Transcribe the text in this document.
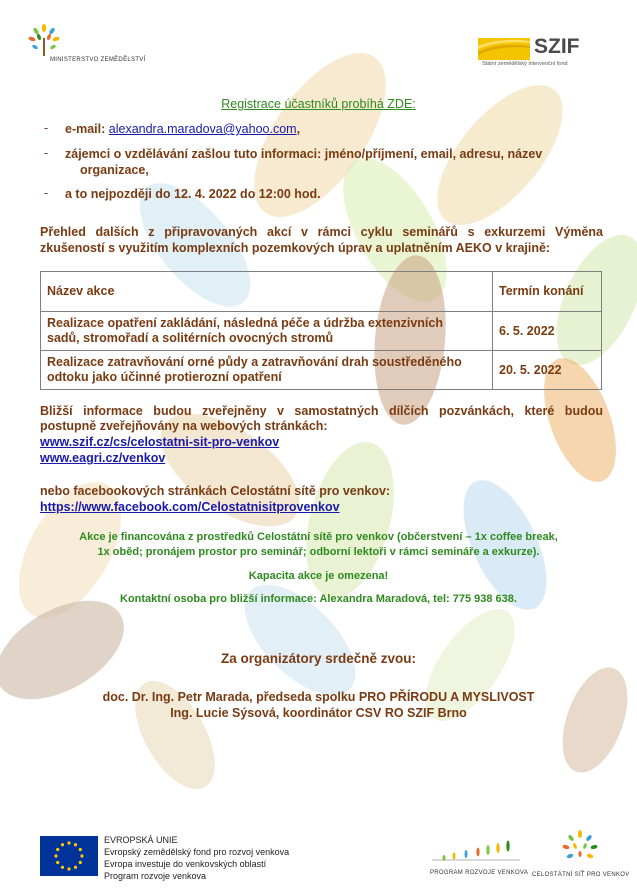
MINISTERSTVO ZEMĚDĚLSTVÍ
SZIF
Státní zemědělský intervenční fond
Registrace účastníků probíhá ZDE:
- e-mail: alexandra.maradova@yahoo.com,
- zájemci o vzdělávání zašlou tuto informaci: jméno/příjmení, email, adresu, název
organizace,
- a to nejpozději do 12. 4. 2022 do 12:00 hod.
Přehled dalších z připravovaných akcí v rámci cyklu seminářů s exkurzemi Výměna
zkušeností s využitím komplexních pozemkových úprav a uplatněním AEKO v krajině:
Název akce	Termín konání
Realizace opatření zakládání, následná péče a údržba extenzivních
sadů, stromořadí a solitérních ovocných stromů	6. 5. 2022
Realizace zatravňování orné půdy a zatravňování drah soustředěného
odtoku jako účinné protierozní opatření	20. 5. 2022
Bližší informace budou zveřejněny v samostatných dílčích pozvánkách, které budou
postupně zveřejňovány na webových stránkách:
www.szif.cz/cs/celostatni-sit-pro-venkov
www.eagri.cz/venkov
nebo facebookových stránkách Celostátní sítě pro venkov:
https://www.facebook.com/Celostatnisitprovenkov
Akce je financována z prostředků Celostátní sítě pro venkov (občerstvení – 1x coffee break,
1x oběd; pronájem prostor pro seminář; odborní lektoři v rámci semináře a exkurze).
Kapacita akce je omezena!
Kontaktní osoba pro bližší informace: Alexandra Maradová, tel: 775 938 638.
Za organizátory srdečně zvou:
doc. Dr. Ing. Petr Marada, předseda spolku PRO PŘÍRODU A MYSLIVOST
Ing. Lucie Sýsová, koordinátor CSV RO SZIF Brno
EVROPSKÁ UNIE
Evropský zemědělský fond pro rozvoj venkova
Evropa investuje do venkovských oblastí
Program rozvoje venkova	PROGRAM ROZVOJE VENKOVA CELOSTÁTNÍ SÍŤ PRO VENKOV
